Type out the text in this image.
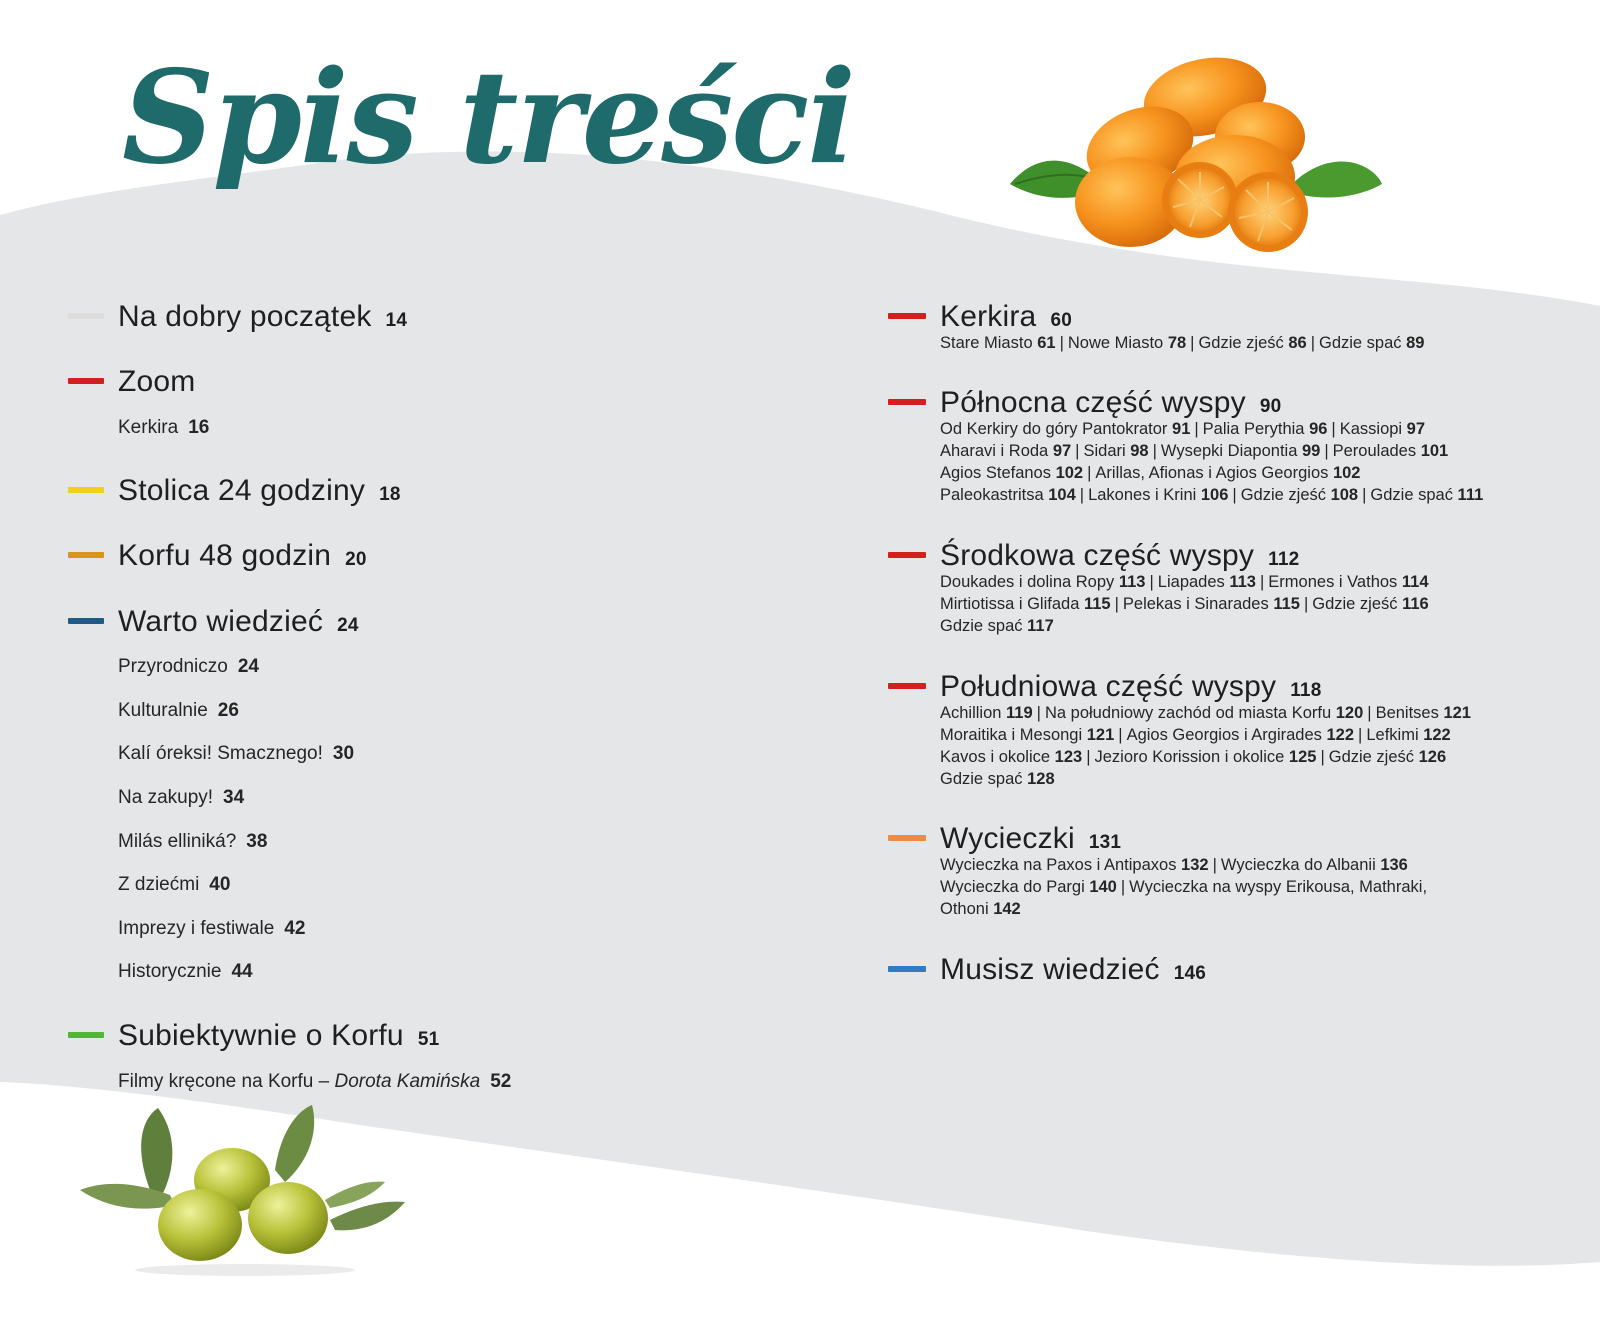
Spis treści
Na dobry początek 14
Zoom
Kerkira 16
Stolica 24 godziny 18
Korfu 48 godzin 20
Warto wiedzieć 24
Przyrodniczo 24
Kulturalnie 26
Kalí óreksi! Smacznego! 30
Na zakupy! 34
Milás elliniká? 38
Z dziećmi 40
Imprezy i festiwale 42
Historycznie 44
Subiektywnie o Korfu 51
Filmy kręcone na Korfu – Dorota Kamińska 52
Kerkira 60
Stare Miasto 61 | Nowe Miasto 78 | Gdzie zjeść 86 | Gdzie spać 89
Północna część wyspy 90
Od Kerkiry do góry Pantokrator 91 | Palia Perythia 96 | Kassiopi 97
Aharavi i Roda 97 | Sidari 98 | Wysepki Diapontia 99 | Peroulades 101
Agios Stefanos 102 | Arillas, Afionas i Agios Georgios 102
Paleokastritsa 104 | Lakones i Krini 106 | Gdzie zjeść 108 | Gdzie spać 111
Środkowa część wyspy 112
Doukades i dolina Ropy 113 | Liapades 113 | Ermones i Vathos 114
Mirtiotissa i Glifada 115 | Pelekas i Sinarades 115 | Gdzie zjeść 116
Gdzie spać 117
Południowa część wyspy 118
Achillion 119 | Na południowy zachód od miasta Korfu 120 | Benitses 121
Moraitika i Mesongi 121 | Agios Georgios i Argirades 122 | Lefkimi 122
Kavos i okolice 123 | Jezioro Korission i okolice 125 | Gdzie zjeść 126
Gdzie spać 128
Wycieczki 131
Wycieczka na Paxos i Antipaxos 132 | Wycieczka do Albanii 136
Wycieczka do Pargi 140 | Wycieczka na wyspy Erikousa, Mathraki,
Othoni 142
Musisz wiedzieć 146
